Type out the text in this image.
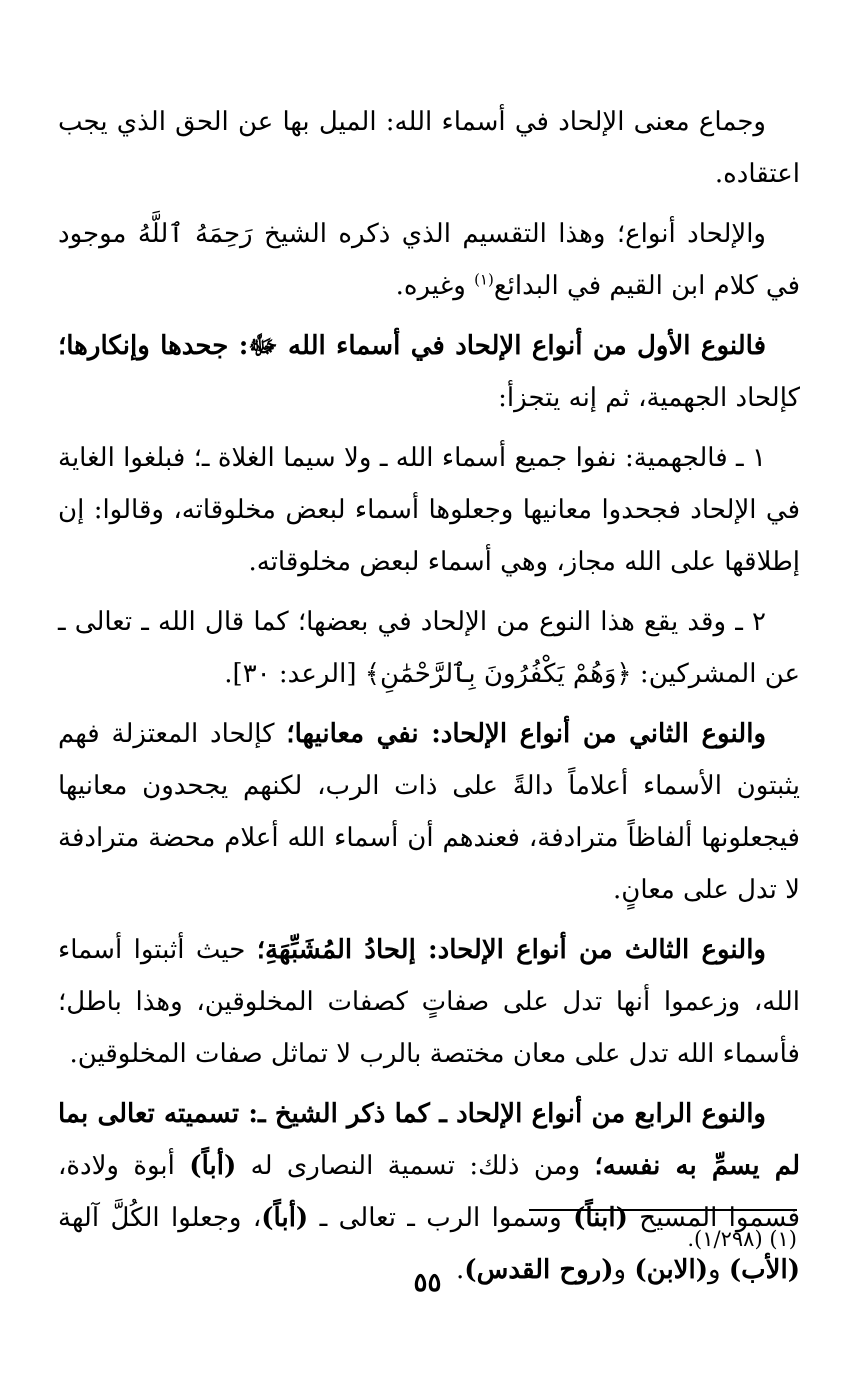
وجماع معنى الإلحاد في أسماء الله: الميل بها عن الحق الذي يجب اعتقاده.

والإلحاد أنواع؛ وهذا التقسيم الذي ذكره الشيخ رَحِمَهُ ٱللَّهُ موجود في كلام ابن القيم في البدائع$^{(١)}$ وغيره.

فالنوع الأول من أنواع الإلحاد في أسماء الله ﷻ: جحدها وإنكارها؛ كإلحاد الجهمية، ثم إنه يتجزأ:

١ ـ فالجهمية: نفوا جميع أسماء الله ـ ولا سيما الغلاة ـ؛ فبلغوا الغاية في الإلحاد فجحدوا معانيها وجعلوها أسماء لبعض مخلوقاته، وقالوا: إن إطلاقها على الله مجاز، وهي أسماء لبعض مخلوقاته.

٢ ـ وقد يقع هذا النوع من الإلحاد في بعضها؛ كما قال الله ـ تعالى ـ عن المشركين: ﴿وَهُمْ يَكْفُرُونَ بِٱلرَّحْمَٰنِ﴾ [الرعد: ٣٠].

والنوع الثاني من أنواع الإلحاد: نفي معانيها؛ كإلحاد المعتزلة فهم يثبتون الأسماء أعلاماً دالةً على ذات الرب، لكنهم يجحدون معانيها فيجعلونها ألفاظاً مترادفة، فعندهم أن أسماء الله أعلام محضة مترادفة لا تدل على معانٍ.

والنوع الثالث من أنواع الإلحاد: إلحادُ المُشَبِّهَةِ؛ حيث أثبتوا أسماء الله، وزعموا أنها تدل على صفاتٍ كصفات المخلوقين، وهذا باطل؛ فأسماء الله تدل على معان مختصة بالرب لا تماثل صفات المخلوقين.

والنوع الرابع من أنواع الإلحاد ـ كما ذكر الشيخ ـ: تسميته تعالى بما لم يسمِّ به نفسه؛ ومن ذلك: تسمية النصارى له (أباً) أبوة ولادة، فسموا المسيح (ابناً) وسموا الرب ـ تعالى ـ (أباً)، وجعلوا الكُلَّ آلهة (الأب) و(الابن) و(روح القدس).

(١) (١/٢٩٨).
٥٥
